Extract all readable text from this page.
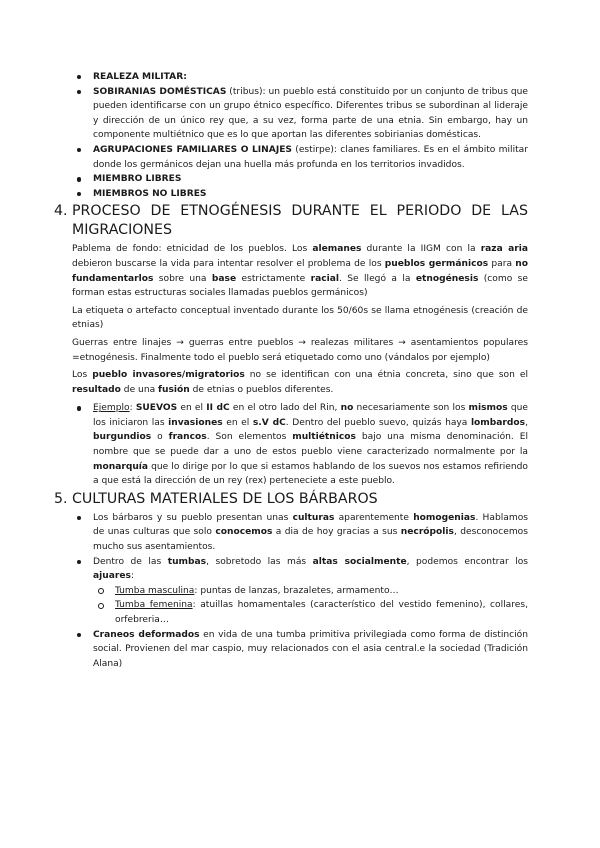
REALEZA MILITAR:
SOBIRANIAS DOMÉSTICAS (tribus): un pueblo está constituido por un conjunto de tribus que pueden identificarse con un grupo étnico específico. Diferentes tribus se subordinan al lideraje y dirección de un único rey que, a su vez, forma parte de una etnia. Sin embargo, hay un componente multiétnico que es lo que aportan las diferentes sobirianias domésticas.
AGRUPACIONES FAMILIARES O LINAJES (estirpe): clanes familiares. Es en el ámbito militar donde los germánicos dejan una huella más profunda en los territorios invadidos.
MIEMBRO LIBRES
MIEMBROS NO LIBRES
4. PROCESO DE ETNOGÉNESIS DURANTE EL PERIODO DE LAS MIGRACIONES

Pablema de fondo: etnicidad de los pueblos. Los alemanes durante la IIGM con la raza aria debieron buscarse la vida para intentar resolver el problema de los pueblos germánicos para no fundamentarlos sobre una base estrictamente racial. Se llegó a la etnogénesis (como se forman estas estructuras sociales llamadas pueblos germánicos)

La etiqueta o artefacto conceptual inventado durante los 50/60s se llama etnogénesis (creación de etnias)

Guerras entre linajes → guerras entre pueblos → realezas militares → asentamientos populares =etnogénesis. Finalmente todo el pueblo será etiquetado como uno (vándalos por ejemplo)

Los pueblo invasores/migratorios no se identifican con una étnia concreta, sino que son el resultado de una fusión de etnias o pueblos diferentes.

Ejemplo: SUEVOS en el II dC en el otro lado del Rin, no necesariamente son los mismos que los iniciaron las invasiones en el s.V dC. Dentro del pueblo suevo, quizás haya lombardos, burgundios o francos. Son elementos multiétnicos bajo una misma denominación. El nombre que se puede dar a uno de estos pueblo viene caracterizado normalmente por la monarquía que lo dirige por lo que si estamos hablando de los suevos nos estamos refiriendo a que está la dirección de un rey (rex) perteneciete a este pueblo.
5. CULTURAS MATERIALES DE LOS BÁRBAROS
Los bárbaros y su pueblo presentan unas culturas aparentemente homogenias. Hablamos de unas culturas que solo conocemos a dia de hoy gracias a sus necrópolis, desconocemos mucho sus asentamientos.
Dentro de las tumbas, sobretodo las más altas socialmente, podemos encontrar los ajuares:
Tumba masculina: puntas de lanzas, brazaletes, armamento…
Tumba femenina: atuillas homamentales (característico del vestido femenino), collares, orfebreria…
Craneos deformados en vida de una tumba primitiva privilegiada como forma de distinción social. Provienen del mar caspio, muy relacionados con el asia central.e la sociedad (Tradición Alana)
